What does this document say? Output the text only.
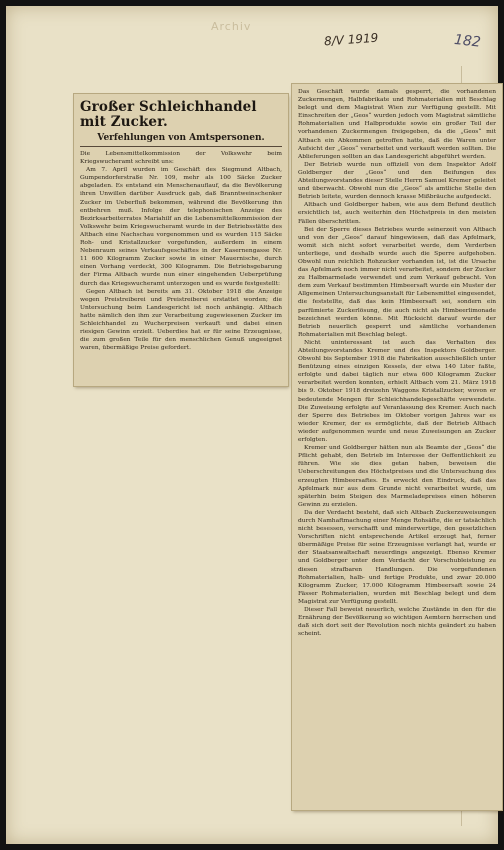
Archiv
8/V 1919	182
Großer Schleichhandel mit Zucker.
Verfehlungen von Amtspersonen.

Die Lebensmittelkommission der Volkswehr beim Kriegswucheramt schreibt uns:

Am 7. April wurden im Geschäft des Siegmund Altbach, Gumpendorferstraße Nr. 109, mehr als 100 Säcke Zucker abgeladen. Es entstand ein Menschenauflauf, da die Bevölkerung ihren Unwillen darüber Ausdruck gab, daß Branntweinschenker Zucker im Ueberfluß bekommen, während die Bevölkerung ihn entbehren muß. Infolge der telephonischen Anzeige des Bezirksarbeiterrates Mariahilf an die Lebensmittelkommission der Volkswehr beim Kriegswucheramt wurde in der Betriebsstätte des Altbach eine Nachschau vorgenommen und es wurden 115 Säcke Roh- und Kristallzucker vorgefunden, außerdem in einem Nebenraum seines Verkaufsgeschäftes in der Kasernengasse Nr. 11 600 Kilogramm Zucker sowie in einer Mauernische, durch einen Vorhang verdeckt, 300 Kilogramm. Die Betriebsgebarung der Firma Altbach wurde nun einer eingehenden Ueberprüfung durch das Kriegswucheramt unterzogen und es wurde festgestellt:

Gegen Altbach ist bereits am 31. Oktober 1918 die Anzeige wegen Preistreiberei und Preistreiberei erstattet worden; die Untersuchung beim Landesgericht ist noch anhängig. Altbach hatte nämlich den ihm zur Verarbeitung zugewiesenen Zucker im Schleichhandel zu Wucherpreisen verkauft und dabei einen riesigen Gewinn erzielt. Ueberdies hat er für seine Erzeugnisse, die zum großen Teile für den menschlichen Genuß ungeeignet waren, übermäßige Preise gefordert.

Das Geschäft wurde damals gesperrt, die vorhandenen Zuckermengen, Halbfabrikate und Rohmaterialien mit Beschlag belegt und dem Magistrat Wien zur Verfügung gestellt. Mit Einschreiten der „Geos“ wurden jedoch vom Magistrat sämtliche Rohmaterialien und Halbprodukte sowie ein großer Teil der vorhandenen Zuckermengen freigegeben, da die „Geos“ mit Altbach ein Abkommen getroffen hatte, daß die Waren unter Aufsicht der „Geos“ verarbeitet und verkauft werden sollten. Die Ablieferungen sollten an das Landesgericht abgeführt werden.

Der Betrieb wurde nun offiziell von dem Inspektor Adolf Goldberger der „Geos“ und den Beifungen des Abteilungsvorstandes dieser Stelle Herrn Samuel Kremer geleitet und überwacht. Obwohl nun die „Geos“ als amtliche Stelle den Betrieb leitete, wurden dennoch krasse Mißbräuche aufgedeckt.

Altbach und Goldberger haben, wie aus dem Befund deutlich ersichtlich ist, auch weiterhin den Höchstpreis in den meisten Fällen überschritten.

Bei der Sperre dieses Betriebes wurde seinerzeit von Altbach und von der „Geos“ darauf hingewiesen, daß das Apfelmark, womit sich nicht sofort verarbeitet werde, dem Verderben unterliege, und deshalb wurde auch die Sperre aufgehoben. Obwohl nun reichlich Rohzucker vorhanden ist, ist die Ursache das Apfelmark noch immer nicht verarbeitet, sondern der Zucker zu Halbmarmelade verwendet und zum Verkauf gebracht. Von dem zum Verkauf bestimmten Himbeersaft wurde ein Muster der Allgemeinen Untersuchungsanstalt für Lebensmittel eingesendet, die feststellte, daß das kein Himbeersaft sei, sondern ein parfümierte Zuckerlösung, die auch nicht als Himbeerlimonade bezeichnet werden könne. Mit Rücksicht darauf wurde der Betrieb neuerlich gesperrt und sämtliche vorhandenen Rohmaterialien mit Beschlag belegt.

Nicht uninteressant ist auch das Verhalten des Abteilungsvorstandes Kremer und des Inspektors Goldberger. Obwohl bis September 1918 die Fabrikation ausschließlich unter Benützung eines einzigen Kessels, der etwa 140 Liter faßte, erfolgte und dabei täglich nur etwa 600 Kilogramm Zucker verarbeitet werden konnten, erhielt Altbach vom 21. März 1918 bis 9. Oktober 1918 dreizehn Waggons Kristallzucker, wovon er bedeutende Mengen für Schleichhandelsgeschäfte verwendete. Die Zuweisung erfolgte auf Veranlassung des Kremer. Auch nach der Sperre des Betriebes im Oktober vorigen Jahres war es wieder Kremer, der es ermöglichte, daß der Betrieb Altbach wieder aufgenommen wurde und neue Zuweisungen an Zucker erfolgten.

Kremer und Goldberger hätten nun als Beamte der „Geos“ die Pflicht gehabt, den Betrieb im Interesse der Oeffentlichkeit zu führen. Wie sie dies getan haben, beweisen die Ueberschreitungen des Höchstpreises und die Untersuchung des erzeugten Himbeersaftes. Es erweckt den Eindruck, daß das Apfelmark nur aus dem Grunde nicht verarbeitet wurde, um späterhin beim Steigen des Marmeladepreises einen höheren Gewinn zu erzielen.

Da der Verdacht besteht, daß sich Altbach Zuckerzuweisungen durch Namhaftmachung einer Menge Rohsäfte, die er tatsächlich nicht besessen, verschafft und minderwertige, den gesetzlichen Vorschriften nicht entsprechende Artikel erzeugt hat, ferner übermäßige Preise für seine Erzeugnisse verlangt hat, wurde er der Staatsanwaltschaft neuerdings angezeigt. Ebenso Kremer und Goldberger unter dem Verdacht der Vorschubleistung zu diesen strafbaren Handlungen. Die vorgefundenen Rohmaterialien, halb- und fertige Produkte, und zwar 20.000 Kilogramm Zucker, 17.000 Kilogramm Himbeersaft sowie 24 Fässer Rohmaterialien, wurden mit Beschlag belegt und dem Magistrat zur Verfügung gestellt.

Dieser Fall beweist neuerlich, welche Zustände in den für die Ernährung der Bevölkerung so wichtigen Aemtern herrschen und daß sich dort seit der Revolution noch nichts geändert zu haben scheint.
